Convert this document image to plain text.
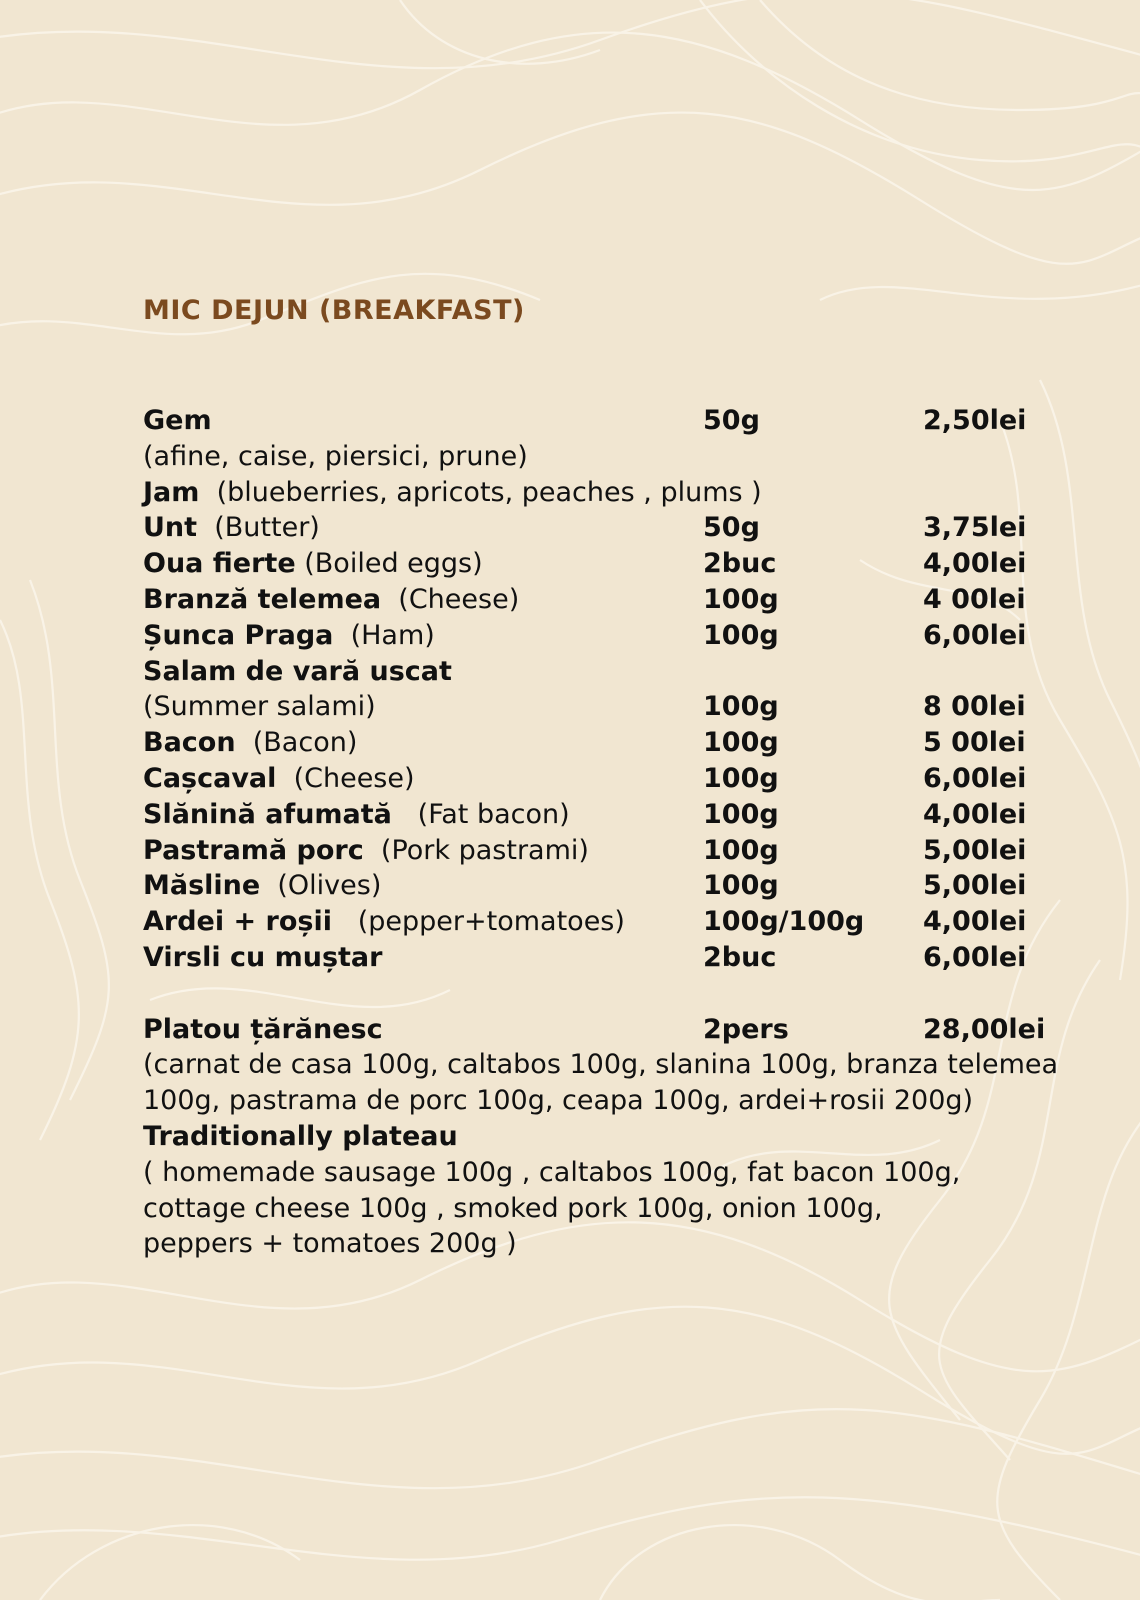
MIC DEJUN (BREAKFAST)
Gem	50g	2,50lei
(afine, caise, piersici, prune)
Jam (blueberries, apricots, peaches , plums )
Unt (Butter)	50g	3,75lei
Oua fierte (Boiled eggs)	2buc	4,00lei
Branză telemea (Cheese)	100g	4 00lei
Șunca Praga (Ham)	100g	6,00lei
Salam de vară uscat
(Summer salami)	100g	8 00lei
Bacon (Bacon)	100g	5 00lei
Cașcaval (Cheese)	100g	6,00lei
Slănină afumată (Fat bacon)	100g	4,00lei
Pastramă porc (Pork pastrami)	100g	5,00lei
Măsline (Olives)	100g	5,00lei
Ardei + roșii (pepper+tomatoes)	100g/100g 4,00lei
Virsli cu muștar	2buc	6,00lei
Platou țărănesc	2pers	28,00lei
(carnat de casa 100g, caltabos 100g, slanina 100g, branza telemea
100g, pastrama de porc 100g, ceapa 100g, ardei+rosii 200g)
Traditionally plateau
( homemade sausage 100g , caltabos 100g, fat bacon 100g,
cottage cheese 100g , smoked pork 100g, onion 100g,
peppers + tomatoes 200g )
